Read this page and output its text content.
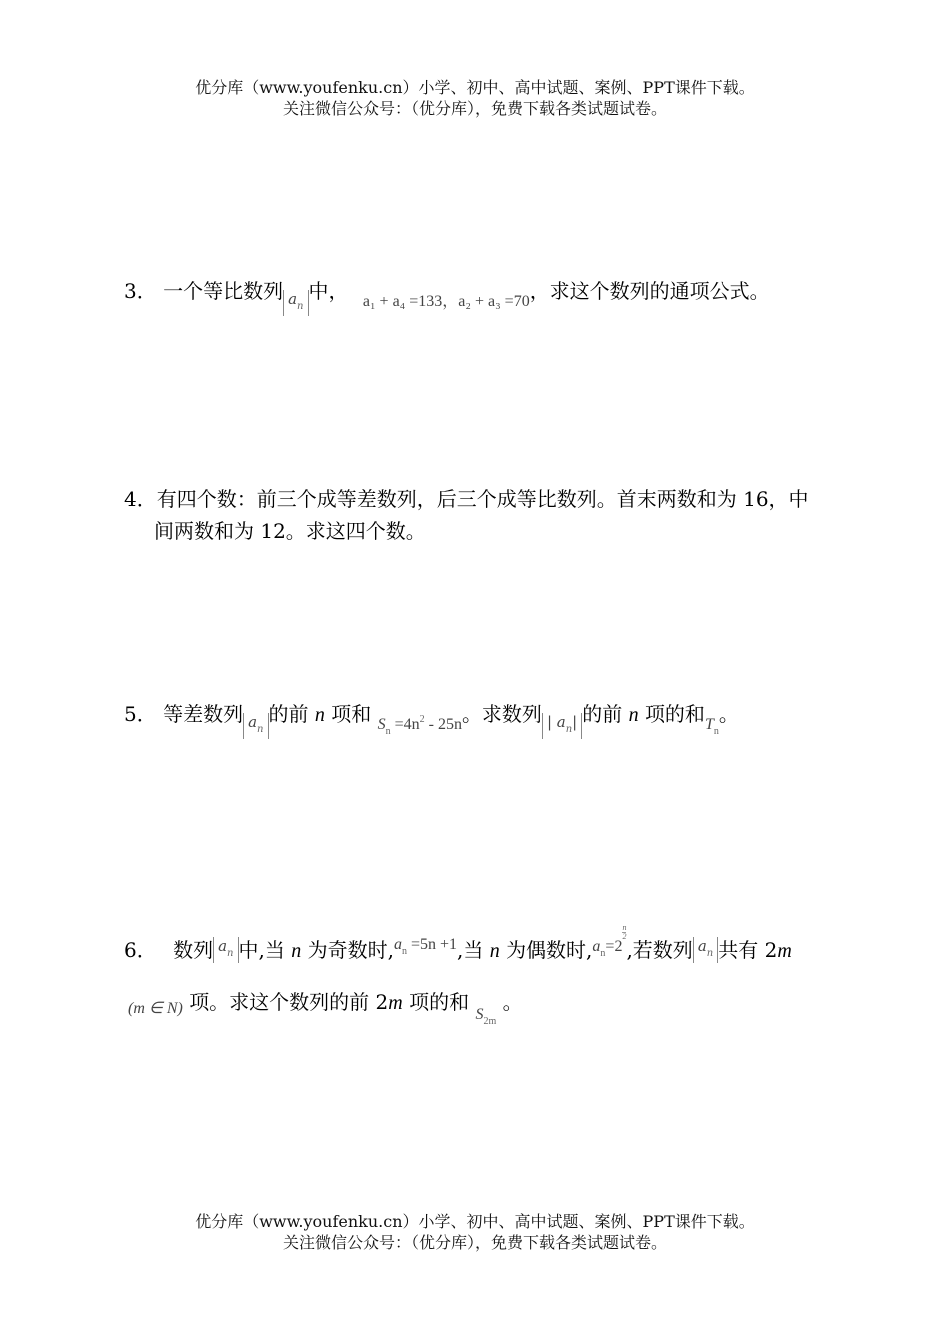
优分库（www.youfenku.cn）小学、初中、高中试题、案例、PPT课件下载。
关注微信公众号：（优分库），免费下载各类试题试卷。
3． 一个等比数列 $a_n$中， $_{a_1 + a_4 =133,a_2 + a_3 =70}$，求这个数列的通项公式。
4．有四个数：前三个成等差数列，后三个成等比数列。首末两数和为 16，中
间两数和为 12。求这四个数。
5． 等差数列 $a_n$的前 n 项和 $_{S_n =4n^2 - 25n}$。求数列 | $a_n|$ 的前 n 项的和$_{T_n}$。
6． 数列 $a_n$ 中,当 n 为奇数时,$^{a_n =5n +1}$,当 n 为偶数时,$^{a_n=2 \frac{n}{2}}$
,若数列 $a_n$ 共有 2m
$_{(m \in N)}$ 项。求这个数列的前 2m 项的和 $_{S_{2m}}$ 。
优分库（www.youfenku.cn）小学、初中、高中试题、案例、PPT课件下载。
关注微信公众号：（优分库），免费下载各类试题试卷。
